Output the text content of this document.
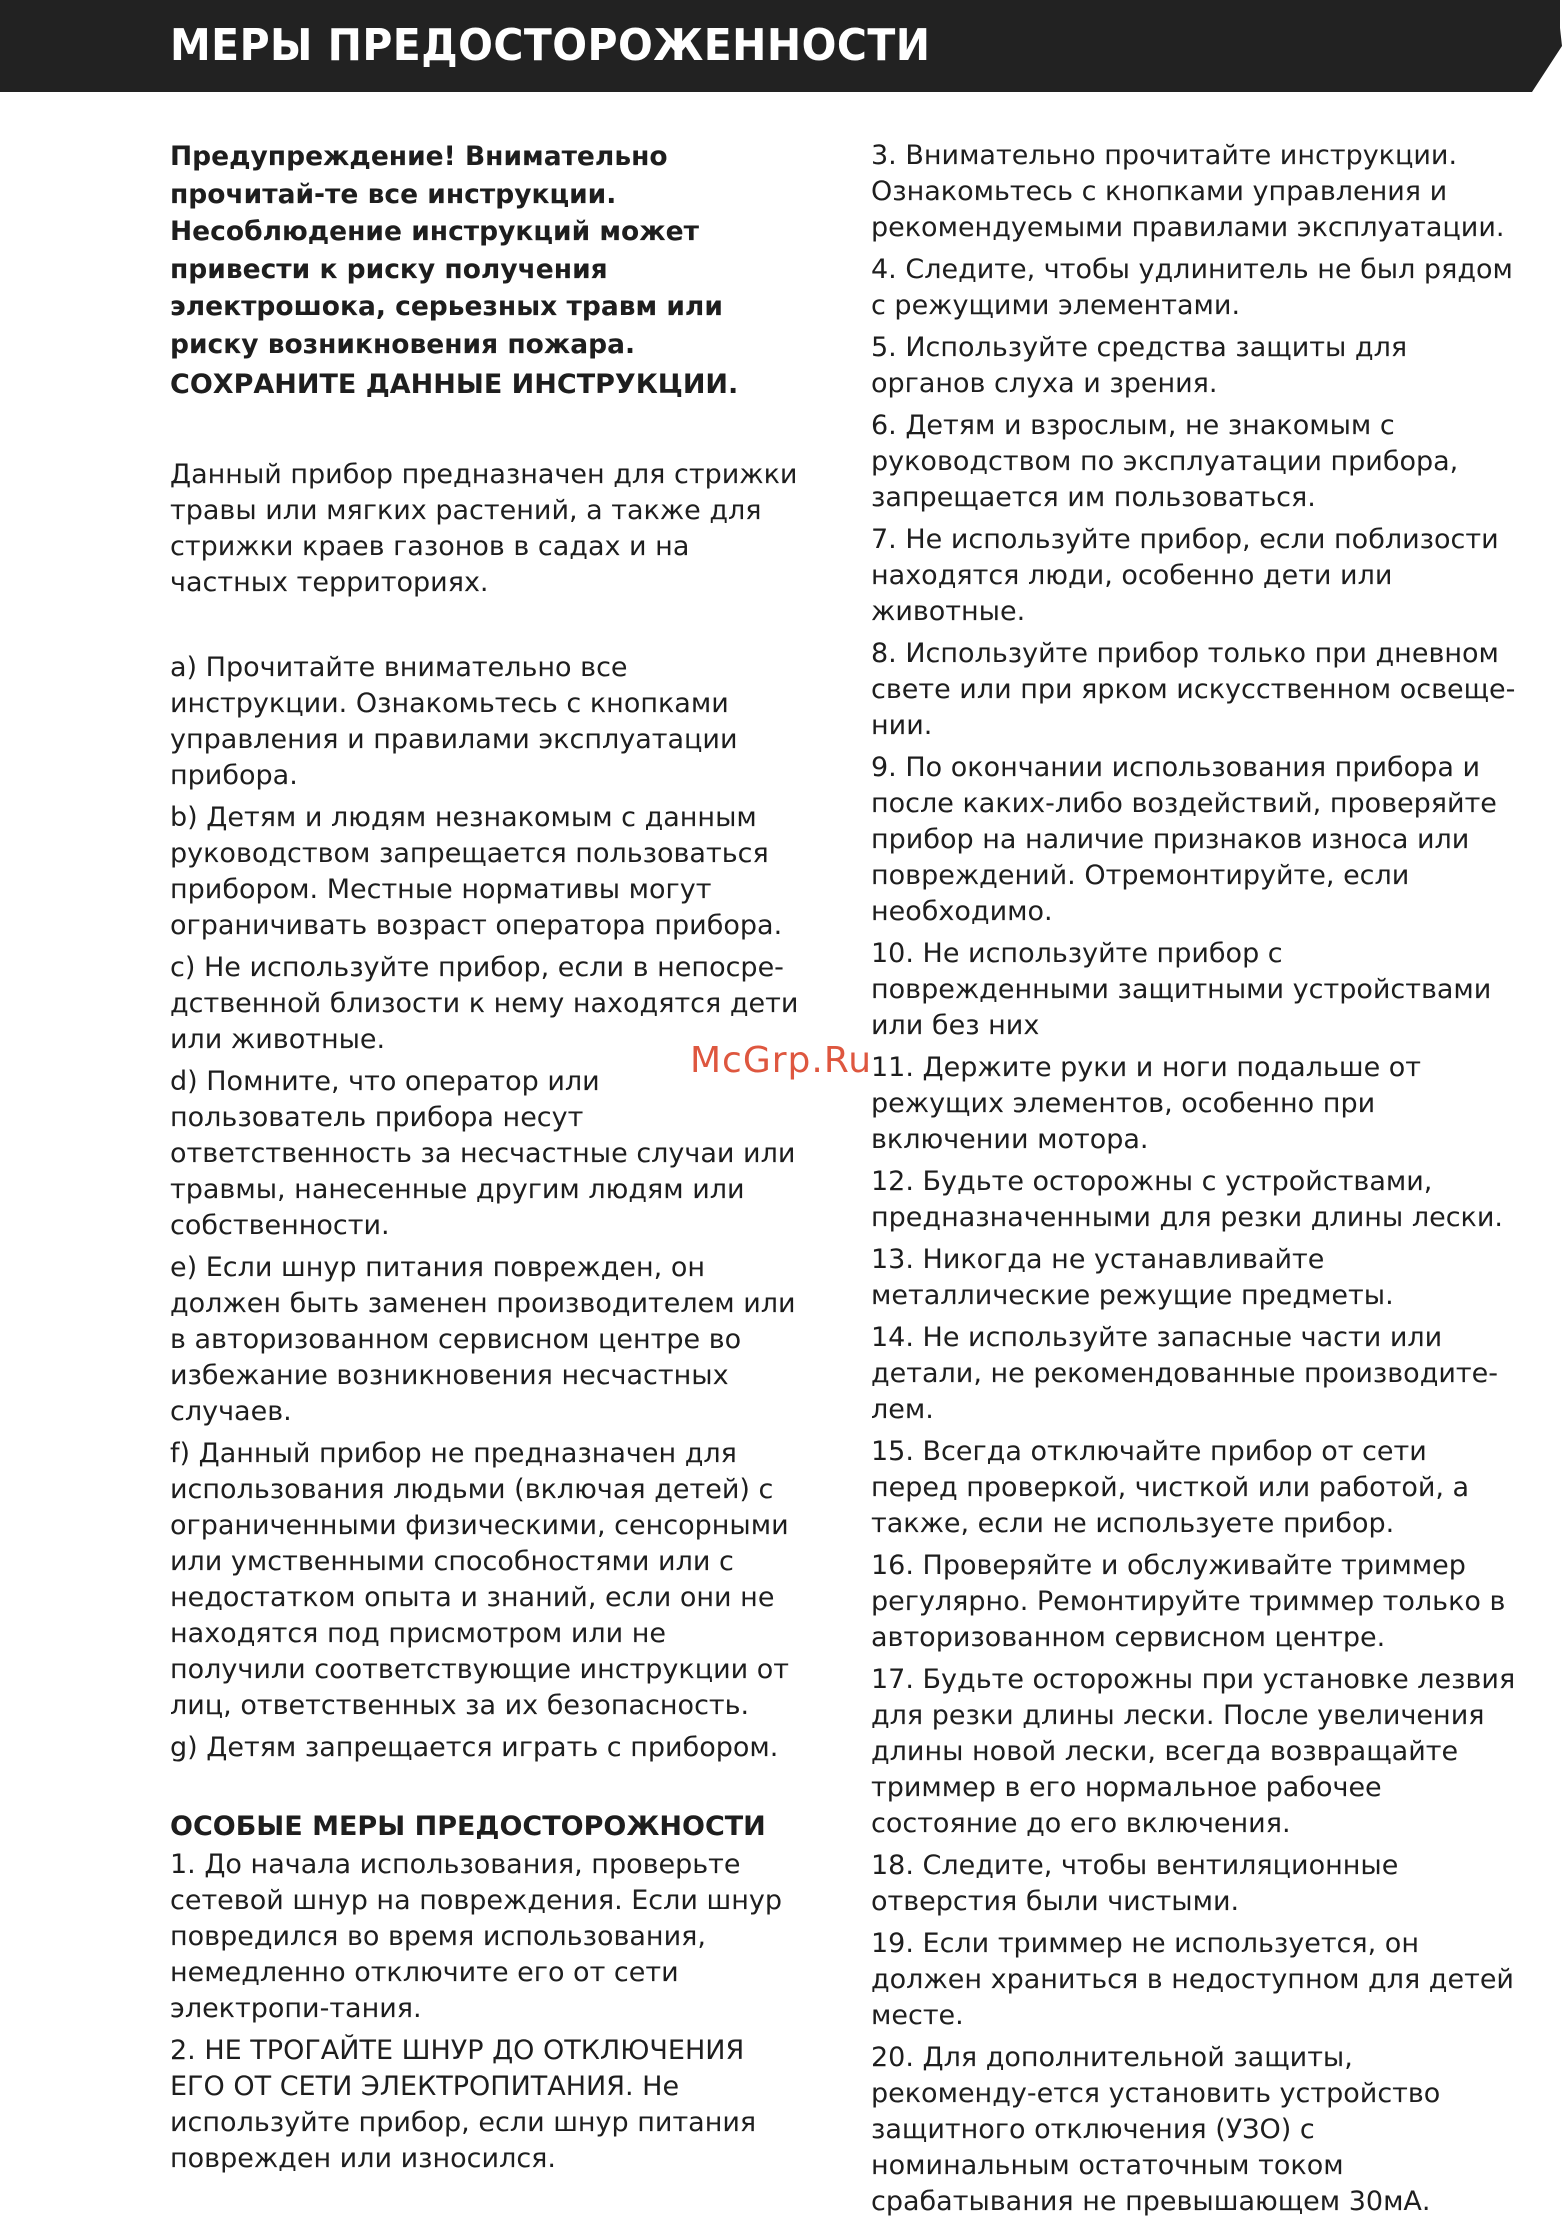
МЕРЫ ПРЕДОСТОРОЖЕННОСТИ

Предупреждение! Внимательно прочитай-те все инструкции. Несоблюдение инструкций может привести к риску получения электрошока, серьезных травм или риску возникновения пожара.

СОХРАНИТЕ ДАННЫЕ ИНСТРУКЦИИ.

Данный прибор предназначен для стрижки травы или мягких растений, а также для стрижки краев газонов в садах и на частных территориях.

a) Прочитайте внимательно все инструкции. Ознакомьтесь с кнопками управления и правилами эксплуатации прибора.

b) Детям и людям незнакомым с данным руководством запрещается пользоваться прибором. Местные нормативы могут ограничивать возраст оператора прибора.

c) Не используйте прибор, если в непосре-дственной близости к нему находятся дети или животные.

d) Помните, что оператор или пользователь прибора несут ответственность за несчастные случаи или травмы, нанесенные другим людям или собственности.

e) Если шнур питания поврежден, он должен быть заменен производителем или в авторизованном сервисном центре во избежание возникновения несчастных случаев.

f) Данный прибор не предназначен для использования людьми (включая детей) с ограниченными физическими, сенсорными или умственными способностями или с недостатком опыта и знаний, если они не находятся под присмотром или не получили соответствующие инструкции от лиц, ответственных за их безопасность.

g) Детям запрещается играть с прибором.

ОСОБЫЕ МЕРЫ ПРЕДОСТОРОЖНОСТИ

1. До начала использования, проверьте сетевой шнур на повреждения. Если шнур повредился во время использования, немедленно отключите его от сети электропи-тания.

2. НЕ ТРОГАЙТЕ ШНУР ДО ОТКЛЮЧЕНИЯ ЕГО ОТ СЕТИ ЭЛЕКТРОПИТАНИЯ. Не используйте прибор, если шнур питания поврежден или износился.

3. Внимательно прочитайте инструкции. Ознакомьтесь с кнопками управления и рекомендуемыми правилами эксплуатации.

4. Следите, чтобы удлинитель не был рядом с режущими элементами.

5. Используйте средства защиты для органов слуха и зрения.

6. Детям и взрослым, не знакомым с руководством по эксплуатации прибора, запрещается им пользоваться.

7. Не используйте прибор, если поблизости находятся люди, особенно дети или животные.

8. Используйте прибор только при дневном свете или при ярком искусственном освеще-нии.

9. По окончании использования прибора и после каких-либо воздействий, проверяйте прибор на наличие признаков износа или повреждений. Отремонтируйте, если необходимо.

10. Не используйте прибор с поврежденными защитными устройствами или без них

11. Держите руки и ноги подальше от режущих элементов, особенно при включении мотора.

12. Будьте осторожны с устройствами, предназначенными для резки длины лески.

13. Никогда не устанавливайте металлические режущие предметы.

14. Не используйте запасные части или детали, не рекомендованные производите-лем.

15. Всегда отключайте прибор от сети перед проверкой, чисткой или работой, а также, если не используете прибор.

16. Проверяйте и обслуживайте триммер регулярно. Ремонтируйте триммер только в авторизованном сервисном центре.

17. Будьте осторожны при установке лезвия для резки длины лески. После увеличения длины новой лески, всегда возвращайте триммер в его нормальное рабочее состояние до его включения.

18. Следите, чтобы вентиляционные отверстия были чистыми.

19. Если триммер не используется, он должен храниться в недоступном для детей месте.

20. Для дополнительной защиты, рекоменду-ется установить устройство защитного отключения (УЗО) с номинальным остаточным током срабатывания не превышающем 30мА.

McGrp.Ru
